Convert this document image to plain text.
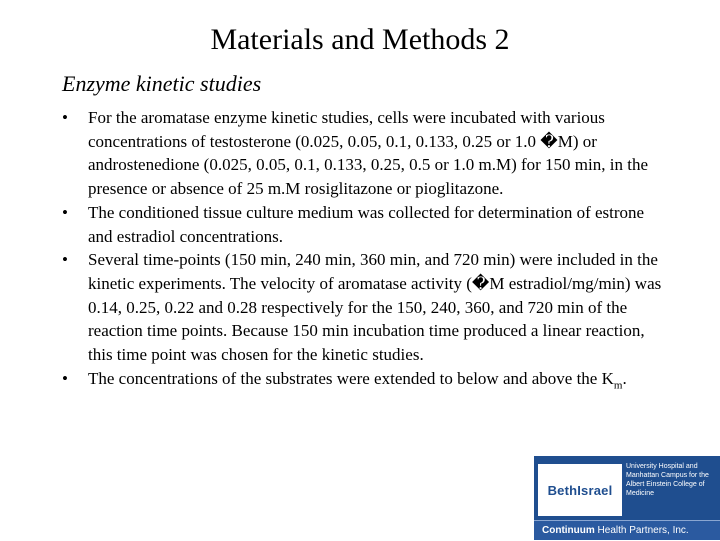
Materials and Methods 2
Enzyme kinetic studies
•	For the aromatase enzyme kinetic studies, cells were incubated with various concentrations of testosterone (0.025, 0.05, 0.1, 0.133, 0.25 or 1.0 �M) or androstenedione (0.025, 0.05, 0.1, 0.133, 0.25, 0.5 or 1.0 m.M) for 150 min, in the presence or absence of 25 m.M rosiglitazone or pioglitazone.
•	The conditioned tissue culture medium was collected for determination of estrone and estradiol concentrations.
•	Several time-points (150 min, 240 min, 360 min, and 720 min) were included in the kinetic experiments. The velocity of aromatase activity (�M estradiol/mg/min) was 0.14, 0.25, 0.22 and 0.28 respectively for the 150, 240, 360, and 720 min of the reaction time points. Because 150 min incubation time produced a linear reaction, this time point was chosen for the kinetic studies.
•	The concentrations of the substrates were extended to below and above the $K_m$.
BethIsrael
University Hospital and Manhattan Campus for the Albert Einstein College of Medicine
Continuum Health Partners, Inc.
